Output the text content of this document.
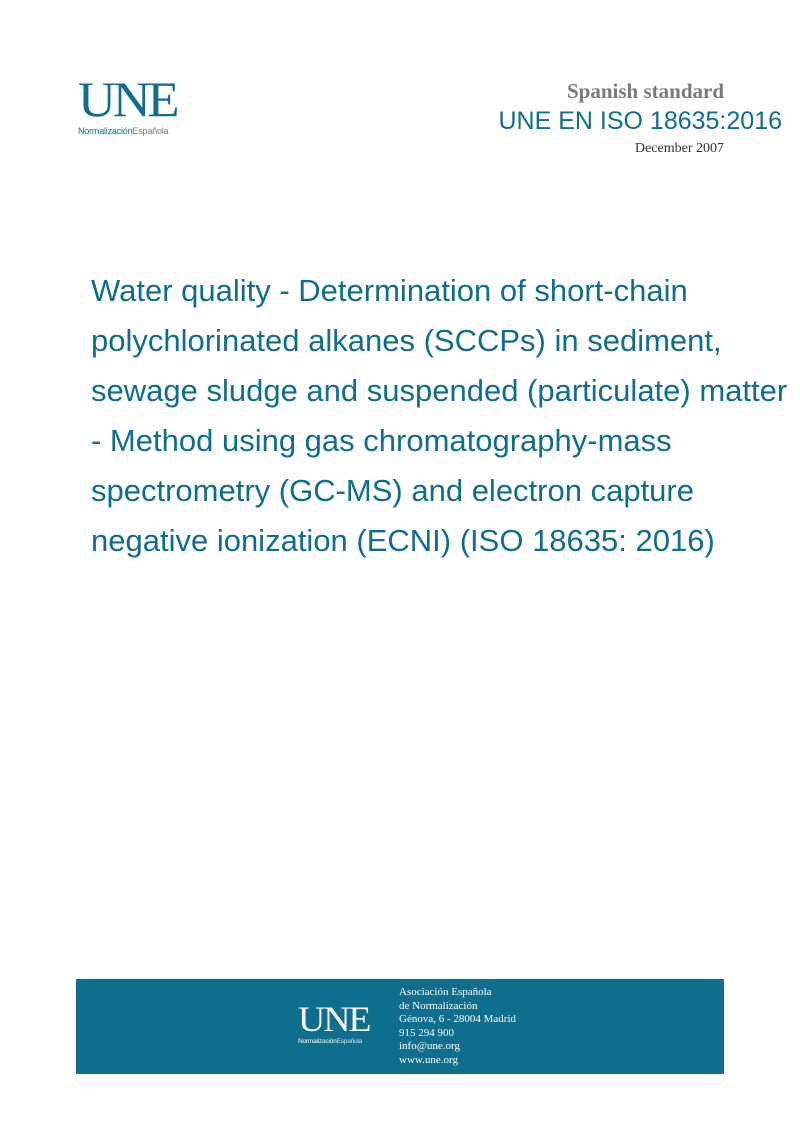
UNE
NormalizaciónEspañola
Spanish standard
UNE EN ISO 18635:2016
December 2007
Water quality - Determination of short-chain polychlorinated alkanes (SCCPs) in sediment, sewage sludge and suspended (particulate) matter - Method using gas chromatography-mass spectrometry (GC-MS) and electron capture negative ionization (ECNI) (ISO 18635: 2016)
UNE
NormalizaciónEspañola
Asociación Española
de Normalización
Génova, 6 - 28004 Madrid
915 294 900
info@une.org
www.une.org
